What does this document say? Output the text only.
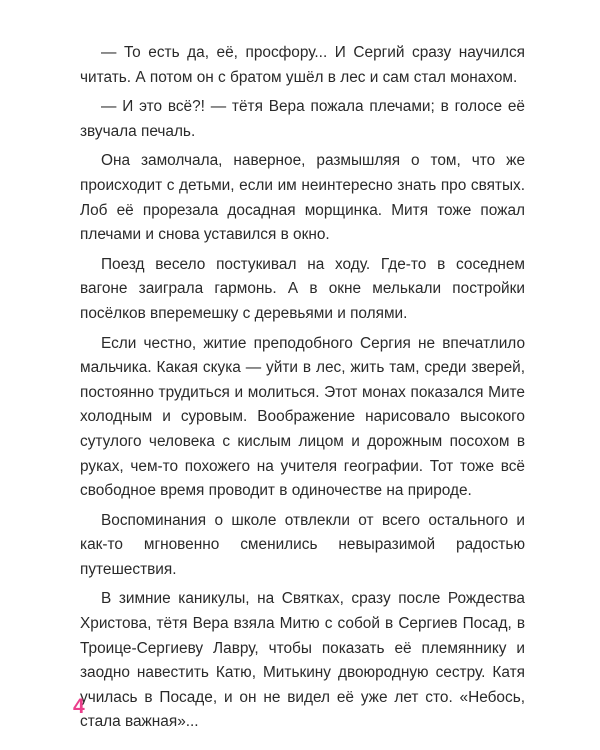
— То есть да, её, просфору... И Сергий сразу научился читать. А потом он с братом ушёл в лес и сам стал монахом.

— И это всё?! — тётя Вера пожала плечами; в голосе её звучала печаль.

Она замолчала, наверное, размышляя о том, что же происходит с детьми, если им неинтересно знать про святых. Лоб её прорезала досадная морщинка. Митя тоже пожал плечами и снова уставился в окно.

Поезд весело постукивал на ходу. Где-то в соседнем вагоне заиграла гармонь. А в окне мелькали постройки посёлков вперемешку с деревьями и полями.

Если честно, житие преподобного Сергия не впечатлило мальчика. Какая скука — уйти в лес, жить там, среди зверей, постоянно трудиться и молиться. Этот монах показался Мите холодным и суровым. Воображение нарисовало высокого сутулого человека с кислым лицом и дорожным посохом в руках, чем-то похожего на учителя географии. Тот тоже всё свободное время проводит в одиночестве на природе.

Воспоминания о школе отвлекли от всего остального и как-то мгновенно сменились невыразимой радостью путешествия.

В зимние каникулы, на Святках, сразу после Рождества Христова, тётя Вера взяла Митю с собой в Сергиев Посад, в Троице-Сергиеву Лавру, чтобы показать её племяннику и заодно навестить Катю, Митькину двоюродную сестру. Катя училась в Посаде, и он не видел её уже лет сто. «Небось, стала важная»...

4
